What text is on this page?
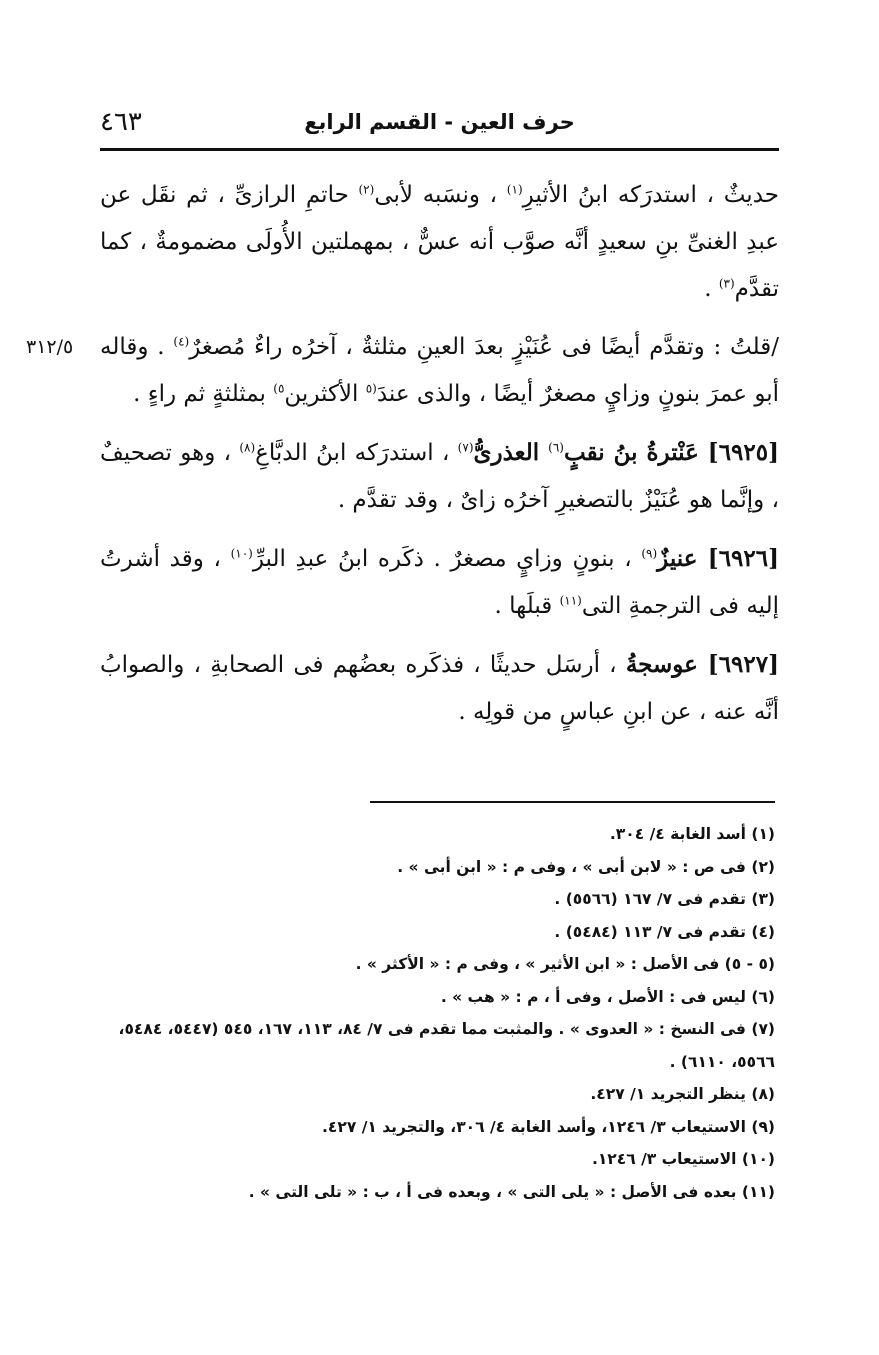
حرف العين - القسم الرابع
٤٦٣

حديثٌ ، استدرَكه ابنُ الأثيرِ$^{(١)}$ ، ونسَبه لأبى$^{(٢)}$ حاتمِ الرازىِّ ، ثم نقَل عن عبدِ الغنىِّ بنِ سعيدٍ أنَّه صوَّب أنه عسٌّ ، بمهملتين الأُولَى مضمومةٌ ، كما تقدَّم$^{(٣)}$ .

٣١٢/٥	/قلتُ : وتقدَّم أيضًا فى عُنَيْزٍ بعدَ العينِ مثلثةٌ ، آخرُه راءٌ مُصغرٌ$^{(٤)}$ . وقاله أبو عمرَ بنونٍ وزايٍ مصغرٌ أيضًا ، والذى عندَ$^{(٥}$ الأكثرين$^{٥)}$ بمثلثةٍ ثم راءٍ .

[٦٩٢٥] عَنْترةُ بنُ نقبٍ$^{(٦)}$ العذرىُّ$^{(٧)}$ ، استدرَكه ابنُ الدبَّاغِ$^{(٨)}$ ، وهو تصحيفٌ ، وإنَّما هو عُنَيْزٌ بالتصغيرِ آخرُه زاىٌ ، وقد تقدَّم .

[٦٩٢٦] عنيزٌ$^{(٩)}$ ، بنونٍ وزايٍ مصغرٌ . ذكَره ابنُ عبدِ البرِّ$^{(١٠)}$ ، وقد أشرتُ إليه فى الترجمةِ التى$^{(١١)}$ قبلَها .

[٦٩٢٧] عوسجةُ ، أرسَل حديثًا ، فذكَره بعضُهم فى الصحابةِ ، والصوابُ أنَّه عنه ، عن ابنِ عباسٍ من قولِه .

(١) أسد الغابة ٤/ ٣٠٤.
(٢) فى ص : « لابن أبى » ، وفى م : « ابن أبى » .
(٣) تقدم فى ٧/ ١٦٧ (٥٥٦٦) .
(٤) تقدم فى ٧/ ١١٣ (٥٤٨٤) .
(٥ - ٥) فى الأصل : « ابن الأثير » ، وفى م : « الأكثر » .
(٦) ليس فى : الأصل ، وفى أ ، م : « هب » .
(٧) فى النسخ : « العدوى » . والمثبت مما تقدم فى ٧/ ٨٤، ١١٣، ١٦٧، ٥٤٥ (٥٤٤٧، ٥٤٨٤، ٥٥٦٦، ٦١١٠) .
(٨) ينظر التجريد ١/ ٤٢٧.
(٩) الاستيعاب ٣/ ١٢٤٦، وأسد الغابة ٤/ ٣٠٦، والتجريد ١/ ٤٢٧.
(١٠) الاستيعاب ٣/ ١٢٤٦.
(١١) بعده فى الأصل : « يلى التى » ، وبعده فى أ ، ب : « تلى التى » .
